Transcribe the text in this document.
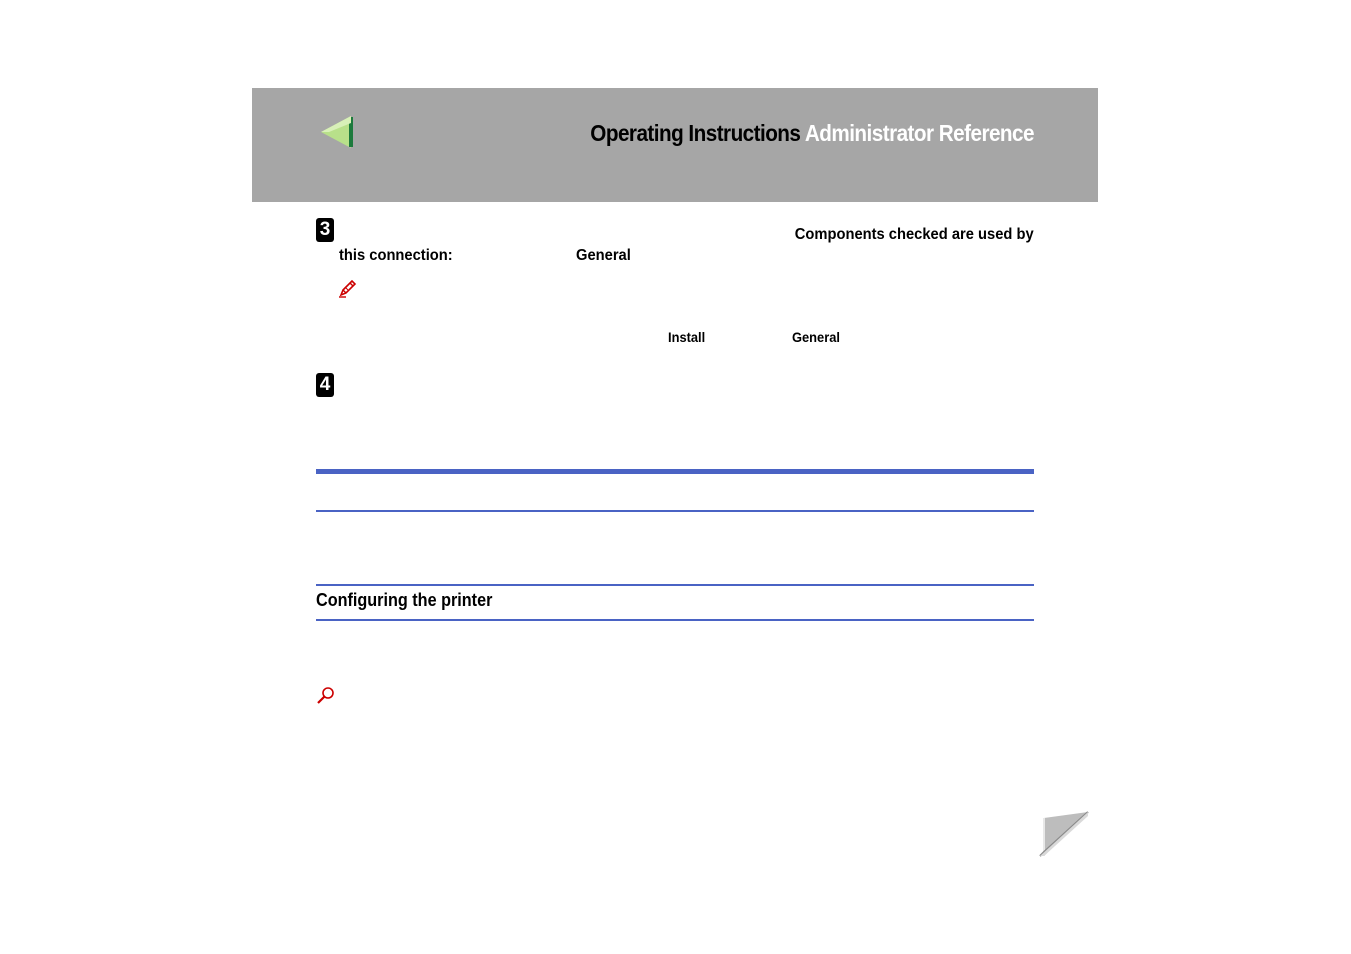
Operating Instructions Administrator Reference
3	Components checked are used by
this connection:	General
Install	General
4
Configuring the printer
